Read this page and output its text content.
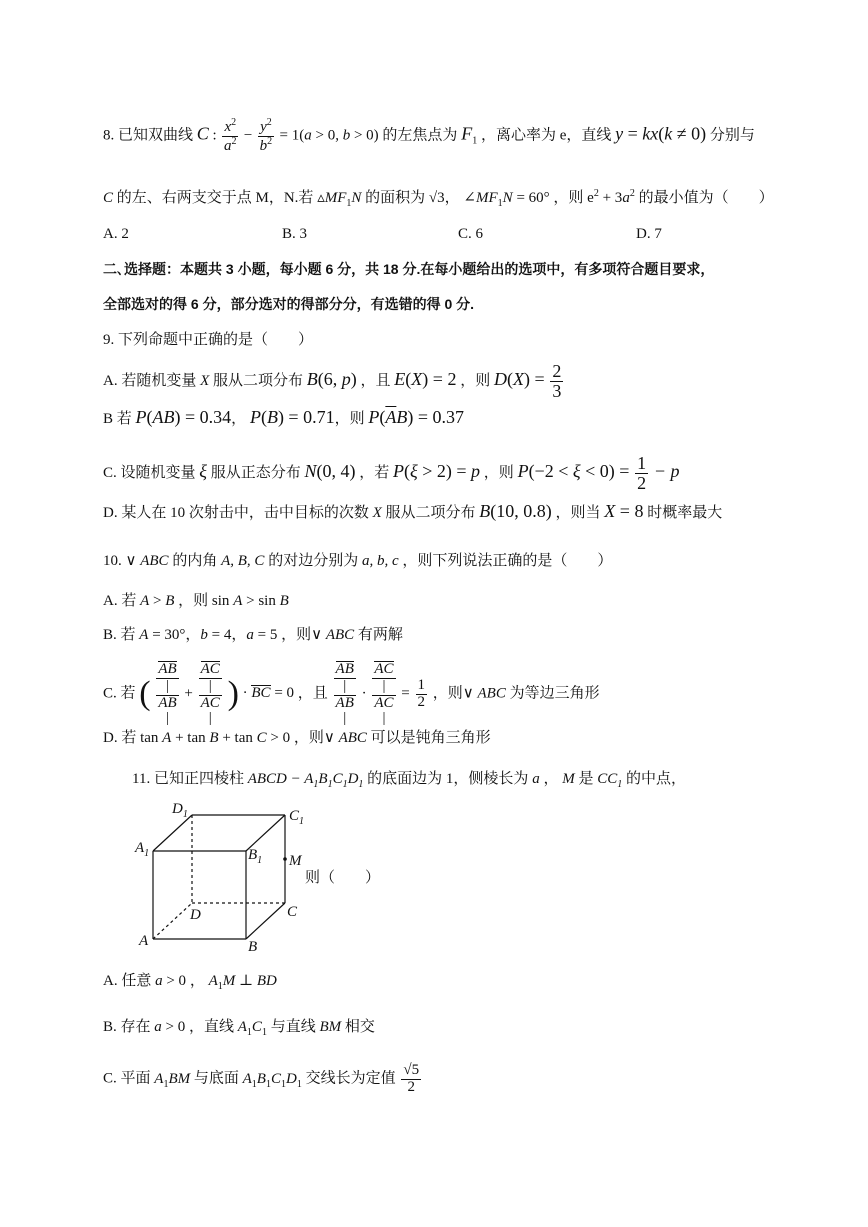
8. 已知双曲线 C : $\frac{x^2}{a^2} - \frac{y^2}{b^2} = 1(a > 0$, b > 0) 的左焦点为 $F_1$ ，离心率为 e，直线 y = kx(k ≠ 0) 分别与
C 的左、右两支交于点 M，N.若 $▵MF_1N$ 的面积为 √3， $\angle MF_1N = 60^\circ$ ，则 $e^2 + 3a^2$ 的最小值为（　　）
A. 2	B. 3	C. 6	D. 7
二､选择题：本题共 3 小题，每小题 6 分，共 18 分.在每小题给出的选项中，有多项符合题目要求，
全部选对的得 6 分，部分选对的得部分分，有选错的得 0 分.
9. 下列命题中正确的是（　　）
A. 若随机变量 X 服从二项分布 B(6, p) ，且 E(X) = 2 ，则 $D(X) = \frac{2}{3}$
B 若 P(AB) = 0.34， P(B) = 0.71，则 $P(\overline{A}B) = 0.37$
C. 设随机变量 ξ 服从正态分布 N(0, 4) ，若 P(ξ > 2) = p ，则 $P(-2 < \xi < 0) = \frac{1}{2} - p$
D. 某人在 10 次射击中，击中目标的次数 X 服从二项分布 B(10, 0.8) ，则当 X = 8 时概率最大
10. ∨ ABC 的内角 A, B, C 的对边分别为 a, b, c ，则下列说法正确的是（　　）
A. 若 A > B ，则 sin A > sin B
B. 若 A = 30°，b = 4，a = 5 ，则∨ ABC 有两解
C. 若 ( AB
|
AB
| + AC
|
AC
| ) · BC = 0 ，且 AB
|
AB
| · AC
|
AC
| = $\frac{1}{2}$ ，则∨ ABC 为等边三角形
D. 若 tan A + tan B + tan C > 0 ，则∨ ABC 可以是钝角三角形
11. 已知正四棱柱 ABCD − $A_1B_1C_1D_1$ 的底面边为 1，侧棱长为 a ， M 是 $CC_1$ 的中点，
$D_1$	$C_1$
$A_1$	$B_1$ M
D	C
A	B
则（　　）
A. 任意 a > 0 ， $A_1M$ ⊥ BD
B. 存在 a > 0 ，直线 $A_1C_1$ 与直线 BM 相交
C. 平面 $A_1BM$ 与底面 $A_1B_1C_1D_1$ 交线长为定值 $\frac{√5}{2}$
